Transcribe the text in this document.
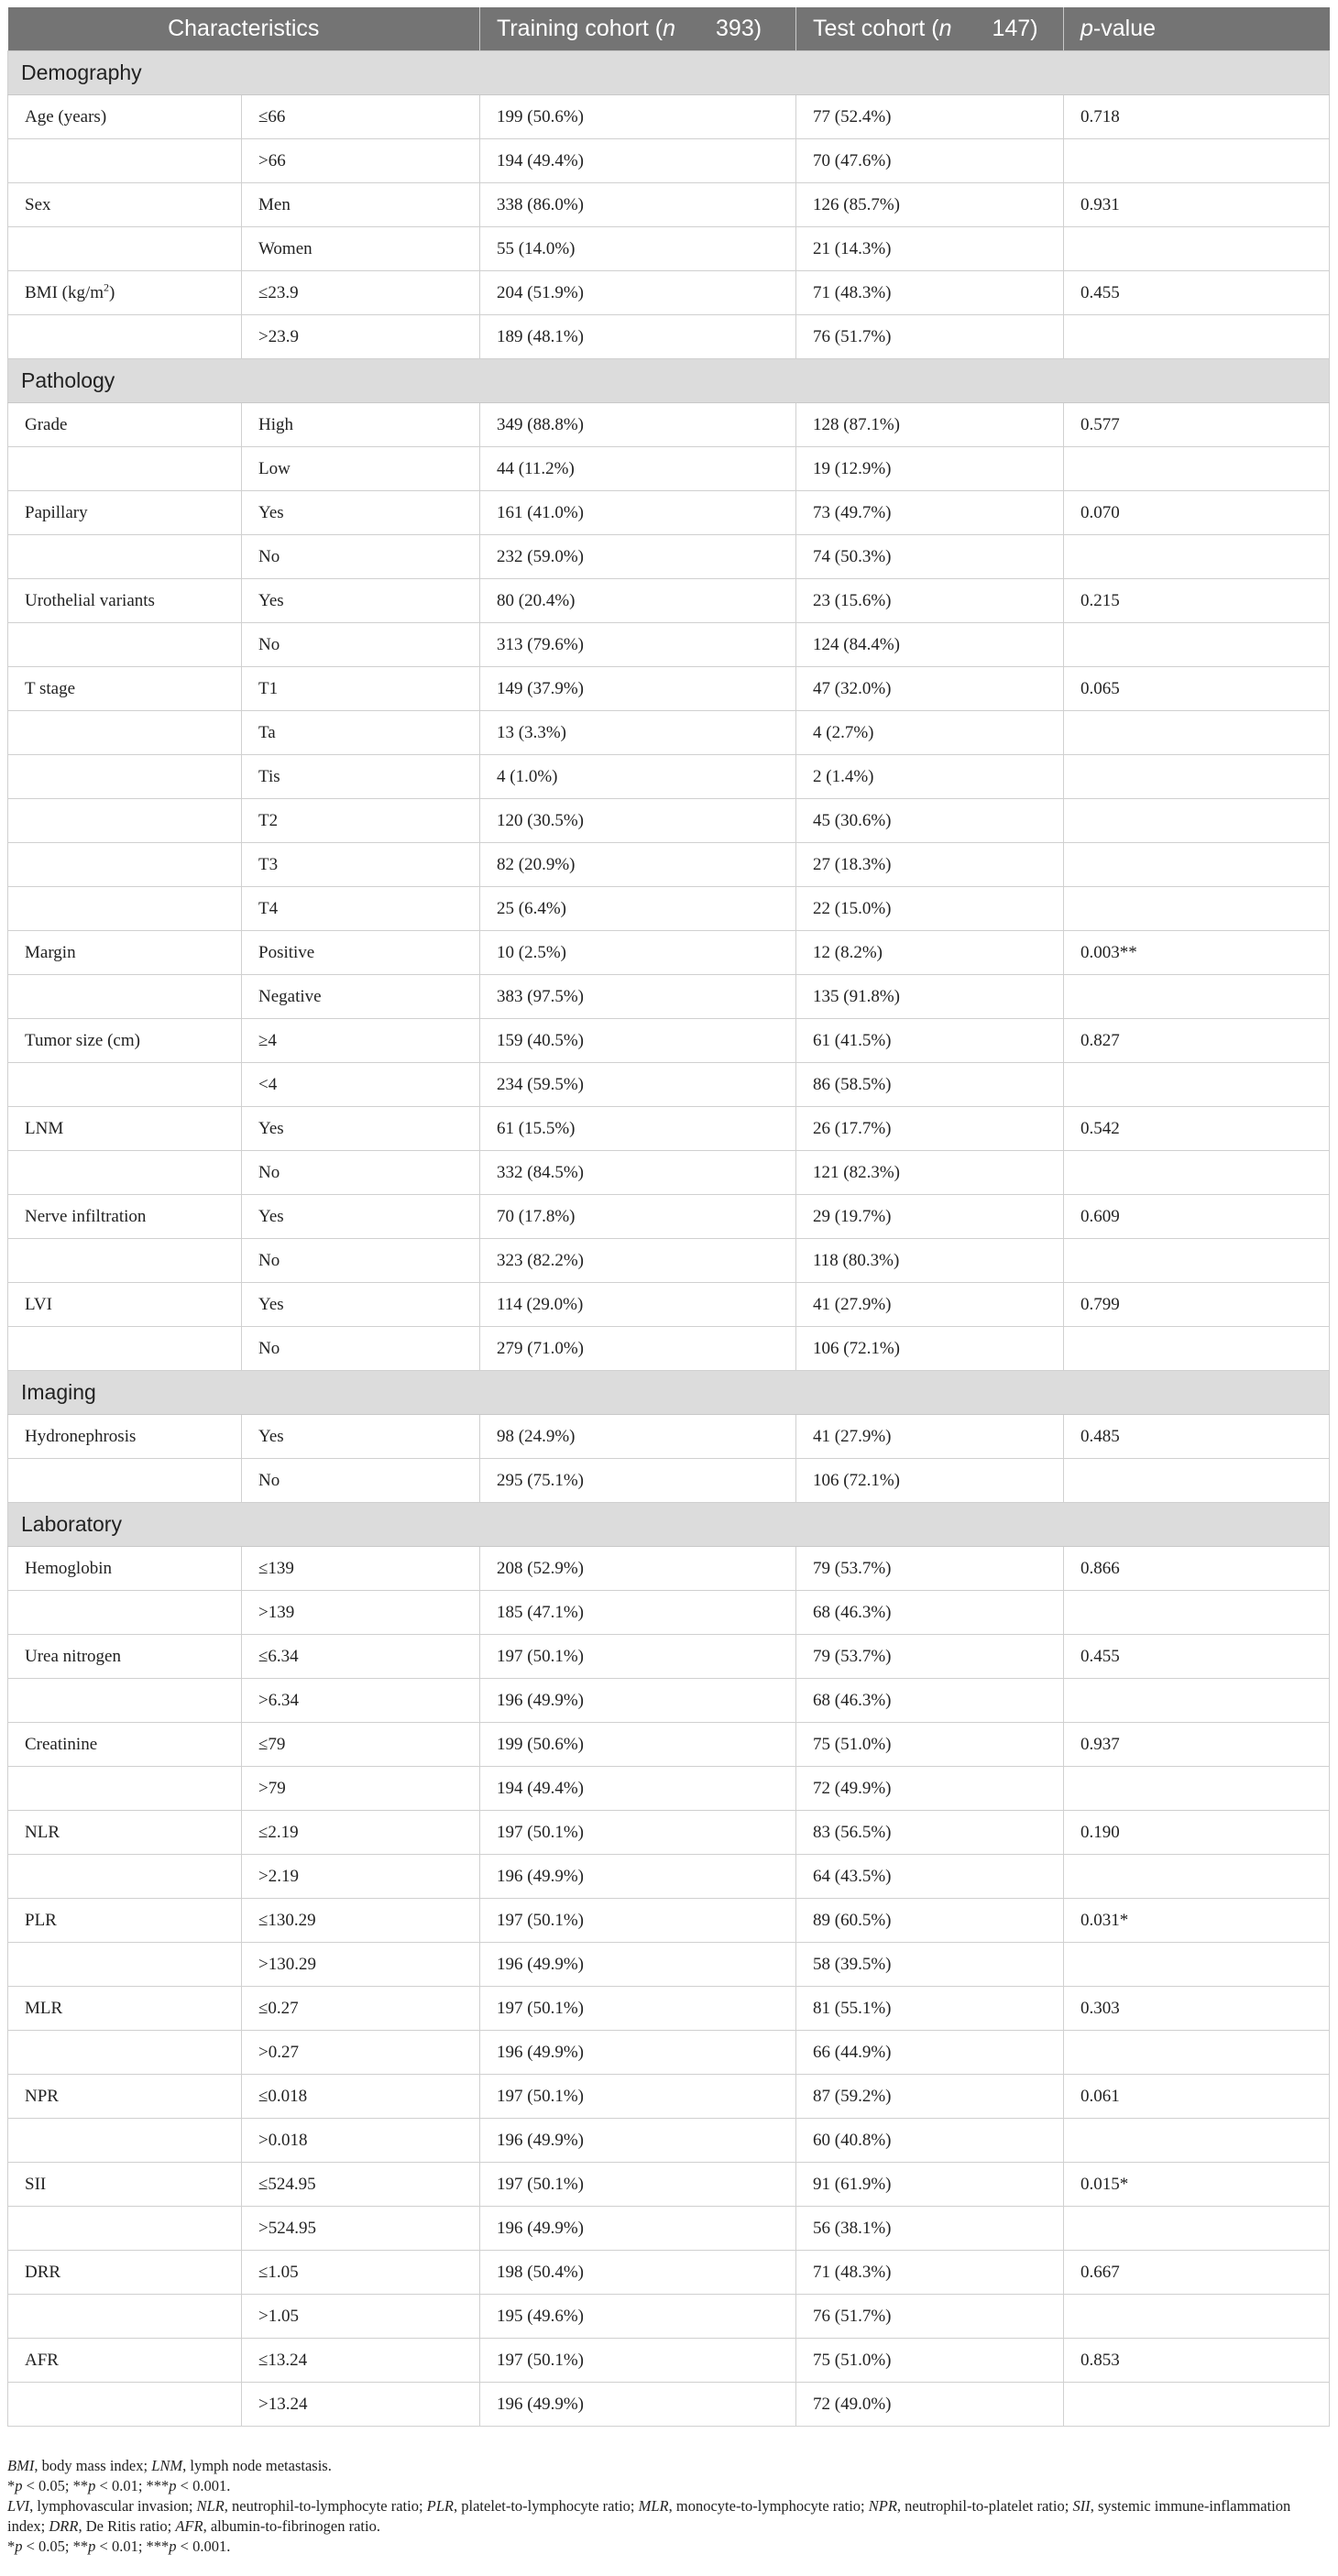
Characteristics		Training cohort (n 393)	Test cohort (n 147)	p-value
Demography				
Age (years)	≤66	199 (50.6%)	77 (52.4%)	0.718
	>66	194 (49.4%)	70 (47.6%)	
Sex	Men	338 (86.0%)	126 (85.7%)	0.931
	Women	55 (14.0%)	21 (14.3%)	
BMI $(kg/m^2)$	≤23.9	204 (51.9%)	71 (48.3%)	0.455
	>23.9	189 (48.1%)	76 (51.7%)	
Pathology				
Grade	High	349 (88.8%)	128 (87.1%)	0.577
	Low	44 (11.2%)	19 (12.9%)	
Papillary	Yes	161 (41.0%)	73 (49.7%)	0.070
	No	232 (59.0%)	74 (50.3%)	
Urothelial variants	Yes	80 (20.4%)	23 (15.6%)	0.215
	No	313 (79.6%)	124 (84.4%)	
T stage	T1	149 (37.9%)	47 (32.0%)	0.065
	Ta	13 (3.3%)	4 (2.7%)	
	Tis	4 (1.0%)	2 (1.4%)	
	T2	120 (30.5%)	45 (30.6%)	
	T3	82 (20.9%)	27 (18.3%)	
	T4	25 (6.4%)	22 (15.0%)	
Margin	Positive	10 (2.5%)	12 (8.2%)	0.003**
	Negative	383 (97.5%)	135 (91.8%)	
Tumor size (cm)	≥4	159 (40.5%)	61 (41.5%)	0.827
	<4	234 (59.5%)	86 (58.5%)	
LNM	Yes	61 (15.5%)	26 (17.7%)	0.542
	No	332 (84.5%)	121 (82.3%)	
Nerve infiltration	Yes	70 (17.8%)	29 (19.7%)	0.609
	No	323 (82.2%)	118 (80.3%)	
LVI	Yes	114 (29.0%)	41 (27.9%)	0.799
	No	279 (71.0%)	106 (72.1%)	
Imaging				
Hydronephrosis	Yes	98 (24.9%)	41 (27.9%)	0.485
	No	295 (75.1%)	106 (72.1%)	
Laboratory				
Hemoglobin	≤139	208 (52.9%)	79 (53.7%)	0.866
	>139	185 (47.1%)	68 (46.3%)	
Urea nitrogen	≤6.34	197 (50.1%)	79 (53.7%)	0.455
	>6.34	196 (49.9%)	68 (46.3%)	
Creatinine	≤79	199 (50.6%)	75 (51.0%)	0.937
	>79	194 (49.4%)	72 (49.9%)	
NLR	≤2.19	197 (50.1%)	83 (56.5%)	0.190
	>2.19	196 (49.9%)	64 (43.5%)	
PLR	≤130.29	197 (50.1%)	89 (60.5%)	0.031*
	>130.29	196 (49.9%)	58 (39.5%)	
MLR	≤0.27	197 (50.1%)	81 (55.1%)	0.303
	>0.27	196 (49.9%)	66 (44.9%)	
NPR	≤0.018	197 (50.1%)	87 (59.2%)	0.061
	>0.018	196 (49.9%)	60 (40.8%)	
SII	≤524.95	197 (50.1%)	91 (61.9%)	0.015*
	>524.95	196 (49.9%)	56 (38.1%)	
DRR	≤1.05	198 (50.4%)	71 (48.3%)	0.667
	>1.05	195 (49.6%)	76 (51.7%)	
AFR	≤13.24	197 (50.1%)	75 (51.0%)	0.853
	>13.24	196 (49.9%)	72 (49.0%)	

BMI, body mass index; LNM, lymph node metastasis.

*p < 0.05; **p < 0.01; ***p < 0.001.

LVI, lymphovascular invasion; NLR, neutrophil-to-lymphocyte ratio; PLR, platelet-to-lymphocyte ratio; MLR, monocyte-to-lymphocyte ratio; NPR, neutrophil-to-platelet ratio; SII, systemic immune-inflammation index; DRR, De Ritis ratio; AFR, albumin-to-fibrinogen ratio.

*p < 0.05; **p < 0.01; ***p < 0.001.
